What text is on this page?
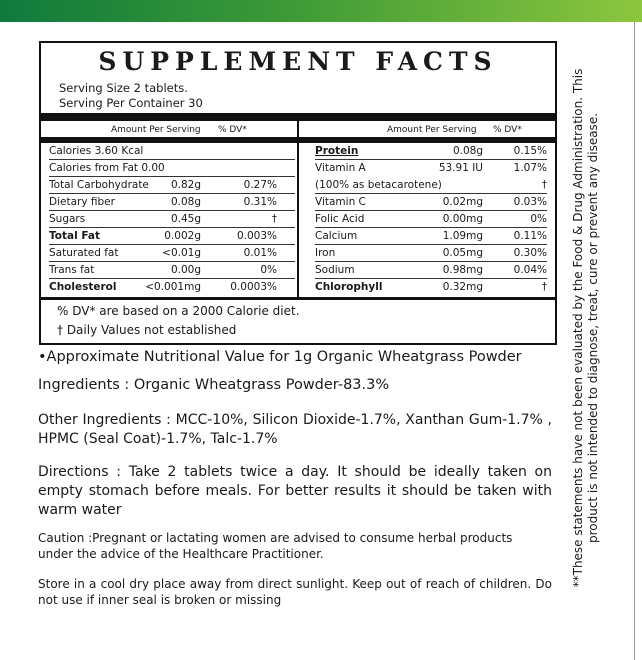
SUPPLEMENT FACTS
Serving Size 2 tablets.
Serving Per Container 30
Amount Per Serving % DV*	Amount Per Serving % DV*
Calories 3.60 Kcal
Calories from Fat 0.00
Total Carbohydrate 0.82g	0.27%
Dietary fiber	0.08g	0.31%
Sugars	0.45g	†
Total Fat	0.002g	0.003%
Saturated fat	<0.01g	0.01%
Trans fat	0.00g	0%
Cholesterol	<0.001mg	0.0003%
Protein	0.08g	0.15%
Vitamin A	53.91 IU	1.07%
(100% as betacarotene)	†
Vitamin C	0.02mg	0.03%
Folic Acid	0.00mg	0%
Calcium	1.09mg	0.11%
Iron	0.05mg	0.30%
Sodium	0.98mg	0.04%
Chlorophyll	0.32mg	†
% DV* are based on a 2000 Calorie diet.
† Daily Values not established
•Approximate Nutritional Value for 1g Organic Wheatgrass Powder
Ingredients : Organic Wheatgrass Powder-83.3%
Other Ingredients : MCC-10%, Silicon Dioxide-1.7%, Xanthan Gum-1.7% , HPMC (Seal Coat)-1.7%, Talc-1.7%
Directions : Take 2 tablets twice a day. It should be ideally taken on empty stomach before meals. For better results it should be taken with warm water
Caution :Pregnant or lactating women are advised to consume herbal products under the advice of the Healthcare Practitioner.
Store in a cool dry place away from direct sunlight. Keep out of reach of children. Do not use if inner seal is broken or missing
**These statements have not been evaluated by the Food & Drug Administration. This product is not intended to diagnose, treat, cure or prevent any disease.
